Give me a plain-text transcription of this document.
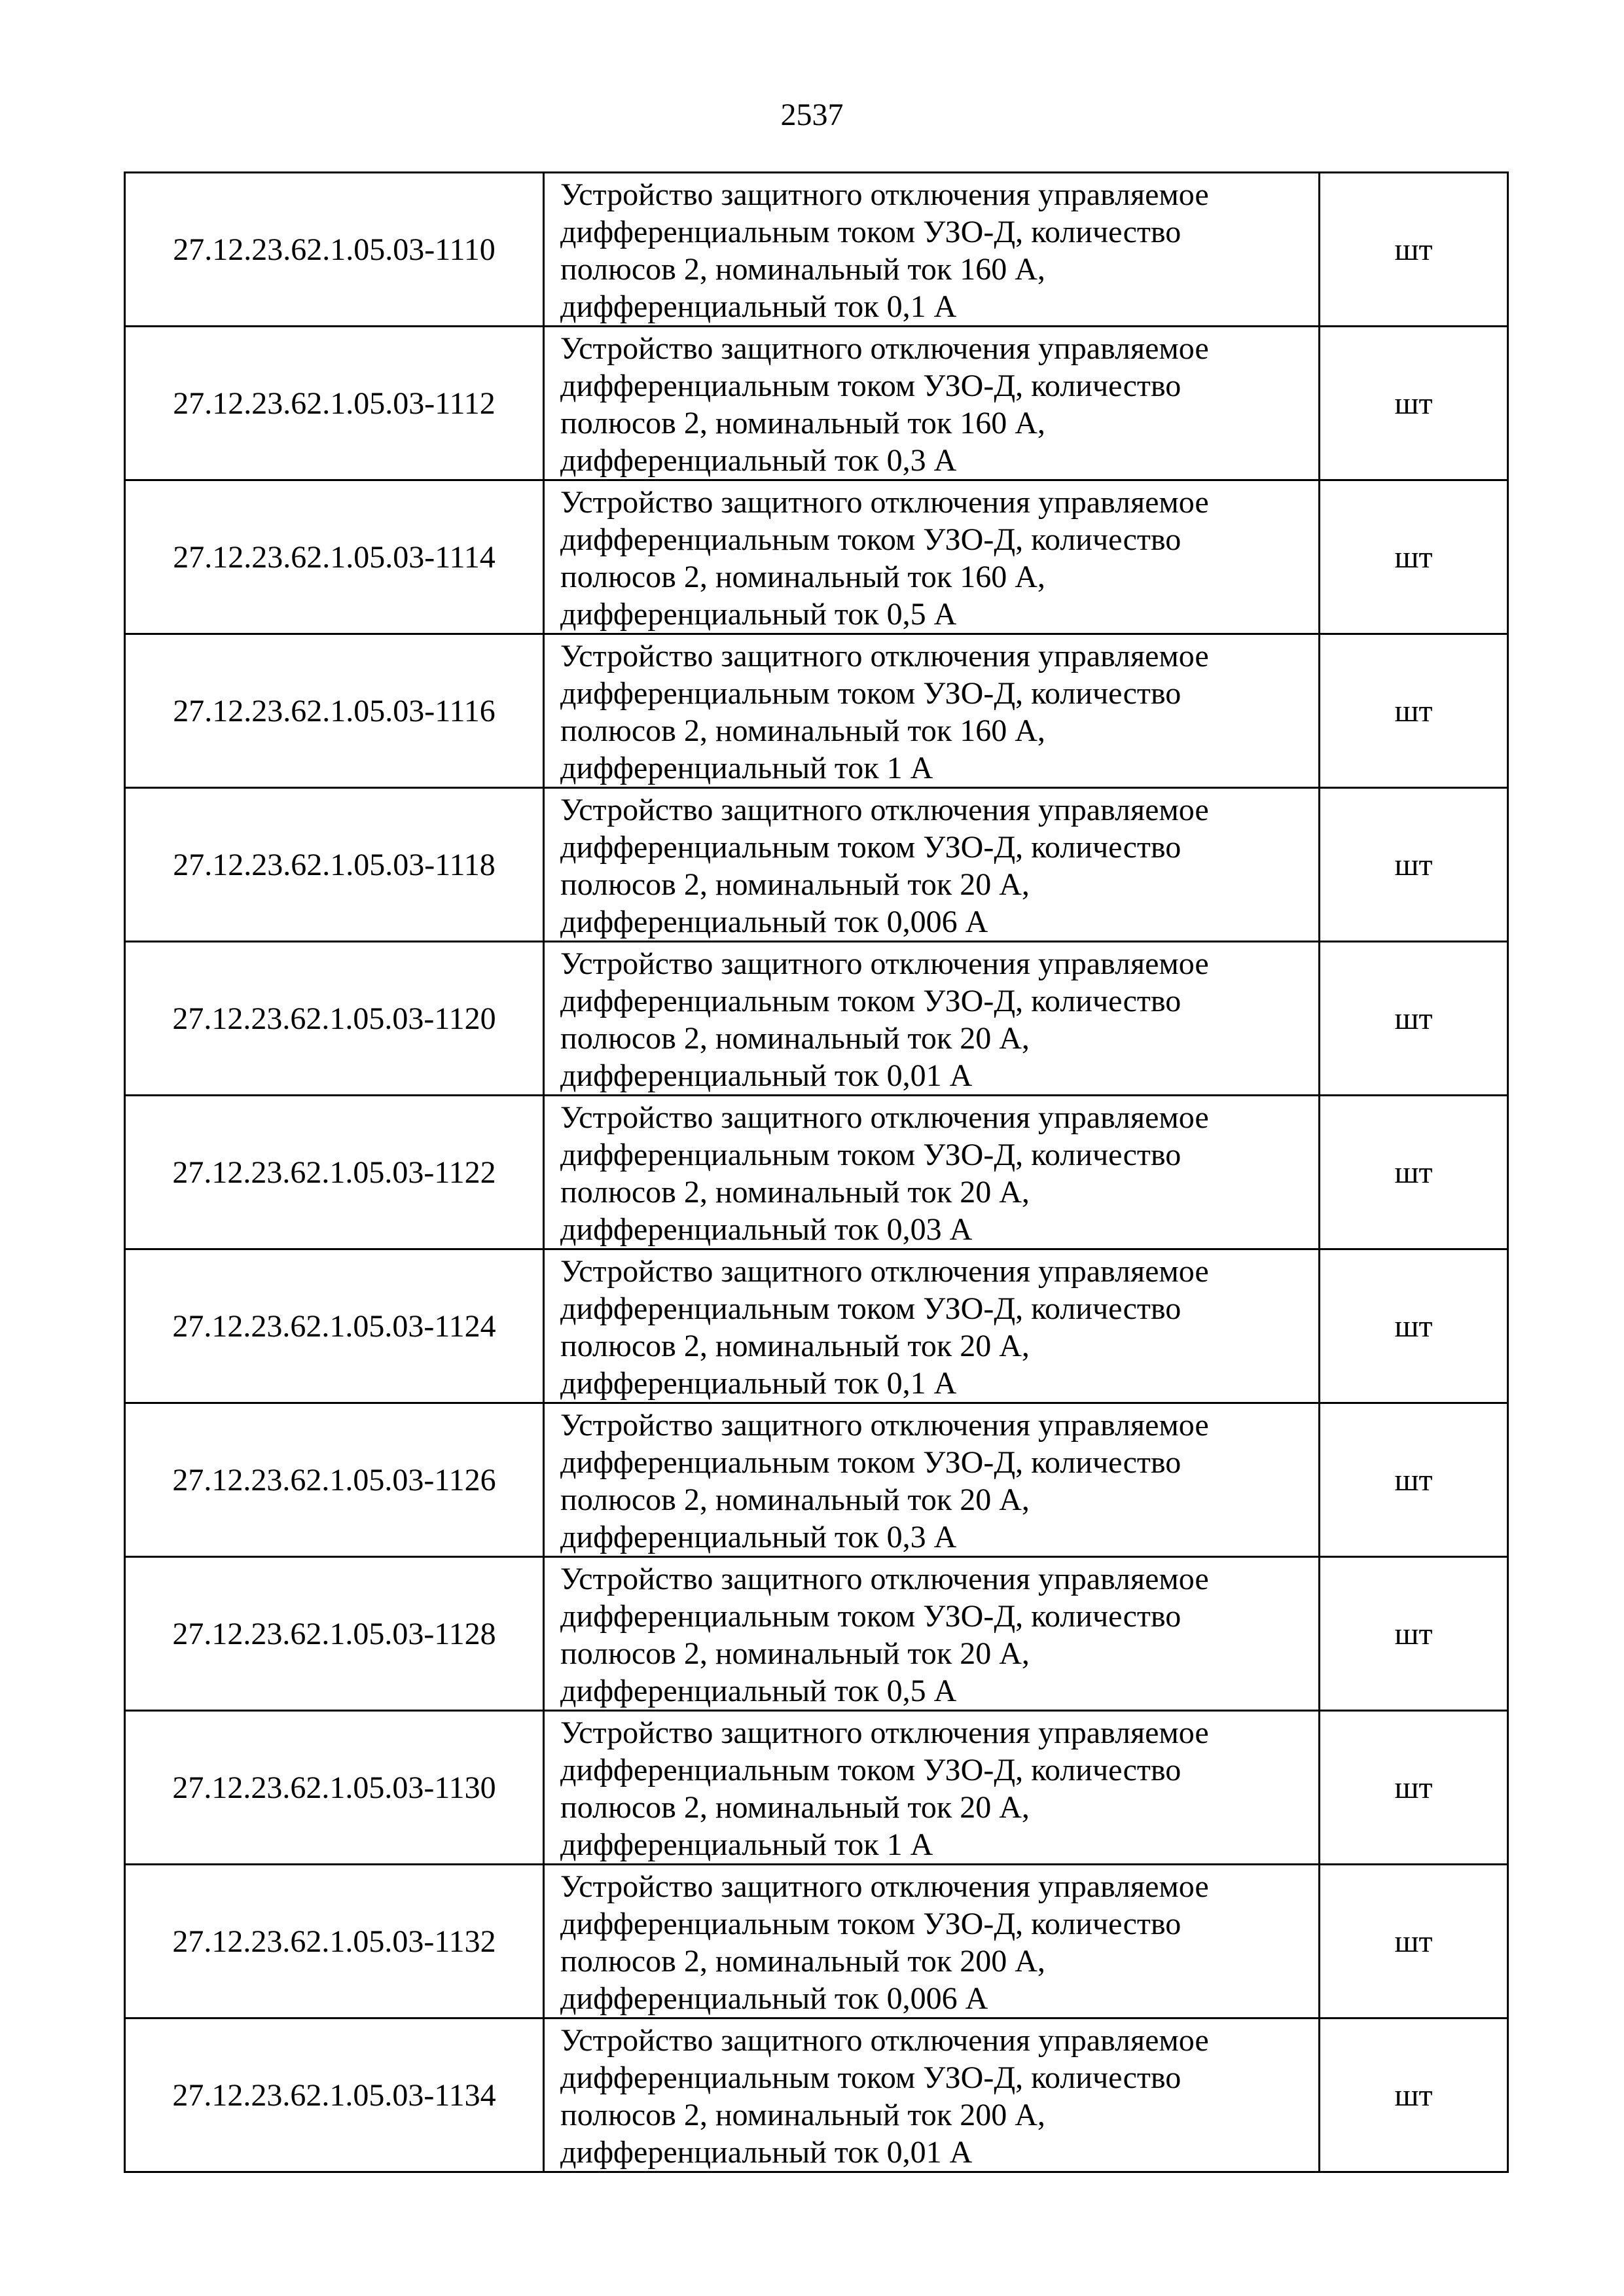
2537
27.12.23.62.1.05.03-1110	Устройство защитного отключения управляемое
дифференциальным током УЗО-Д, количество
полюсов 2, номинальный ток 160 А,
дифференциальный ток 0,1 А	шт
27.12.23.62.1.05.03-1112	Устройство защитного отключения управляемое
дифференциальным током УЗО-Д, количество
полюсов 2, номинальный ток 160 А,
дифференциальный ток 0,3 А	шт
27.12.23.62.1.05.03-1114	Устройство защитного отключения управляемое
дифференциальным током УЗО-Д, количество
полюсов 2, номинальный ток 160 А,
дифференциальный ток 0,5 А	шт
27.12.23.62.1.05.03-1116	Устройство защитного отключения управляемое
дифференциальным током УЗО-Д, количество
полюсов 2, номинальный ток 160 А,
дифференциальный ток 1 А	шт
27.12.23.62.1.05.03-1118	Устройство защитного отключения управляемое
дифференциальным током УЗО-Д, количество
полюсов 2, номинальный ток 20 А,
дифференциальный ток 0,006 А	шт
27.12.23.62.1.05.03-1120	Устройство защитного отключения управляемое
дифференциальным током УЗО-Д, количество
полюсов 2, номинальный ток 20 А,
дифференциальный ток 0,01 А	шт
27.12.23.62.1.05.03-1122	Устройство защитного отключения управляемое
дифференциальным током УЗО-Д, количество
полюсов 2, номинальный ток 20 А,
дифференциальный ток 0,03 А	шт
27.12.23.62.1.05.03-1124	Устройство защитного отключения управляемое
дифференциальным током УЗО-Д, количество
полюсов 2, номинальный ток 20 А,
дифференциальный ток 0,1 А	шт
27.12.23.62.1.05.03-1126	Устройство защитного отключения управляемое
дифференциальным током УЗО-Д, количество
полюсов 2, номинальный ток 20 А,
дифференциальный ток 0,3 А	шт
27.12.23.62.1.05.03-1128	Устройство защитного отключения управляемое
дифференциальным током УЗО-Д, количество
полюсов 2, номинальный ток 20 А,
дифференциальный ток 0,5 А	шт
27.12.23.62.1.05.03-1130	Устройство защитного отключения управляемое
дифференциальным током УЗО-Д, количество
полюсов 2, номинальный ток 20 А,
дифференциальный ток 1 А	шт
27.12.23.62.1.05.03-1132	Устройство защитного отключения управляемое
дифференциальным током УЗО-Д, количество
полюсов 2, номинальный ток 200 А,
дифференциальный ток 0,006 А	шт
27.12.23.62.1.05.03-1134	Устройство защитного отключения управляемое
дифференциальным током УЗО-Д, количество
полюсов 2, номинальный ток 200 А,
дифференциальный ток 0,01 А	шт
